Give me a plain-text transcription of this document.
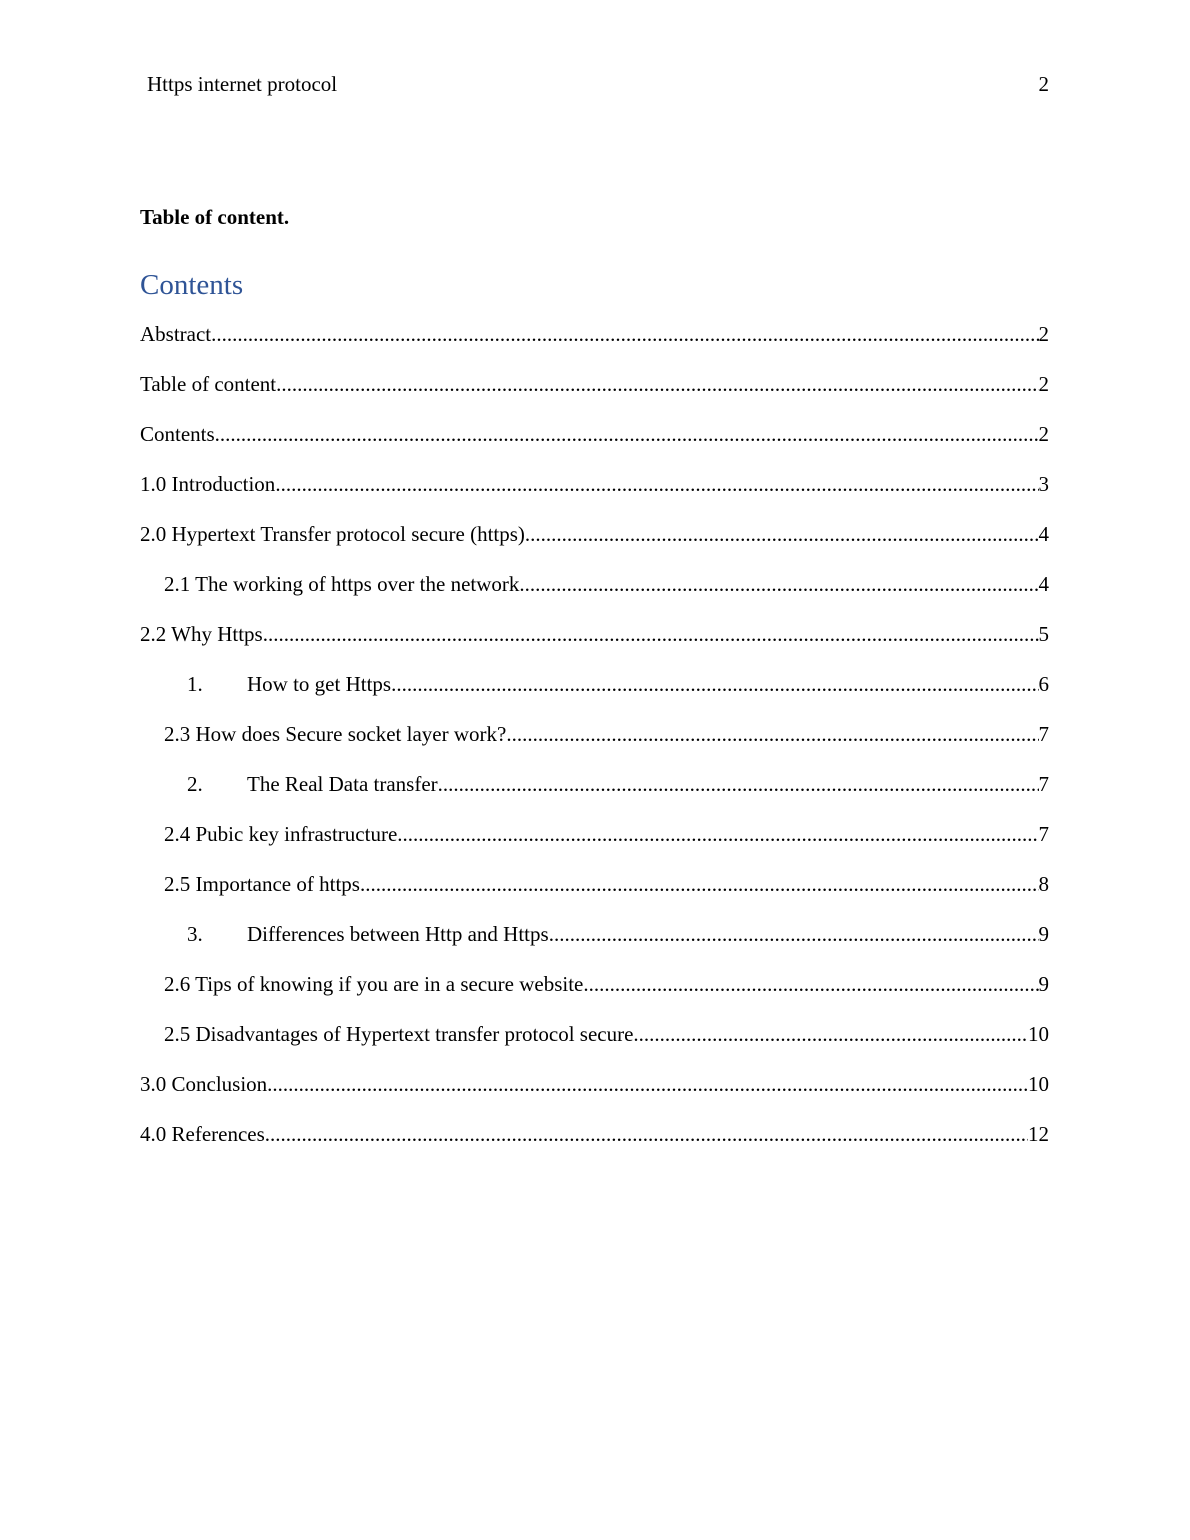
Https internet protocol	2
Table of content.
Contents
Abstract .....	2
Table of content .....	2
Contents .....	2
1.0 Introduction .....	3
2.0 Hypertext Transfer protocol secure (https) .....	4
2.1 The working of https over the network .....	4
2.2 Why Https .....	5
1.	How to get Https .....	6
2.3 How does Secure socket layer work? .....	7
2.	The Real Data transfer .....	7
2.4 Pubic key infrastructure .....	7
2.5 Importance of https .....	8
3.	Differences between Http and Https .....	9
2.6 Tips of knowing if you are in a secure website .....	9
2.5 Disadvantages of Hypertext transfer protocol secure .....	10
3.0 Conclusion .....	10
4.0 References .....	12
